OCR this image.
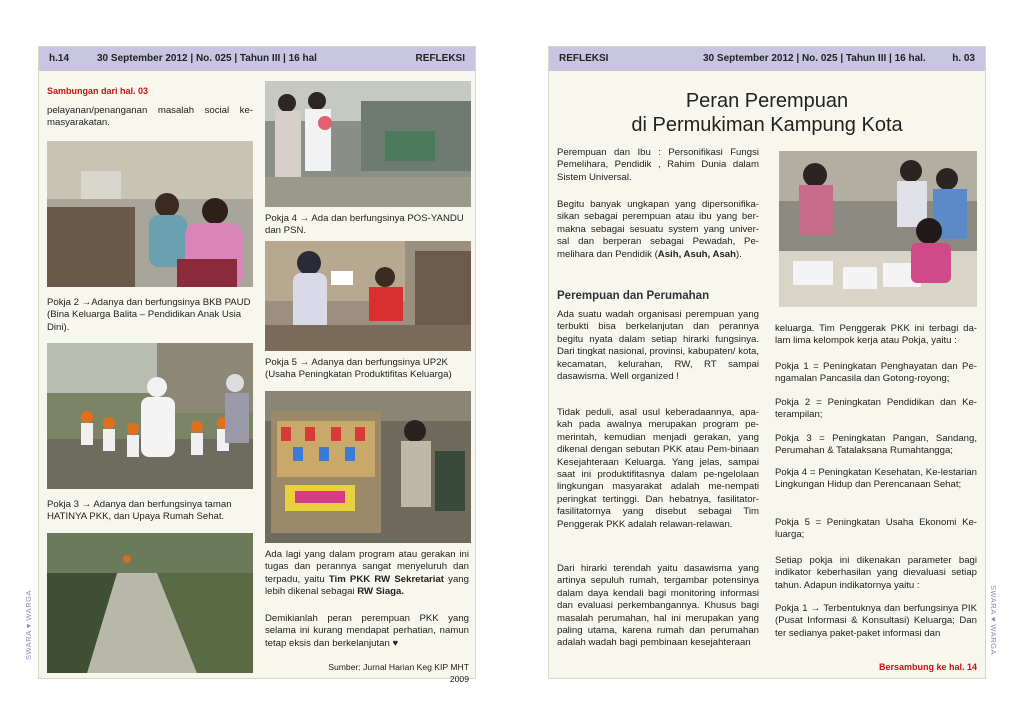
h.14	30 September 2012 | No. 025 | Tahun III | 16 hal	REFLEKSI
Sambungan dari hal. 03
pelayanan/penanganan masalah social ke-masyarakatan.
Pokja 2 →Adanya dan berfungsinya BKB PAUD (Bina Keluarga Balita – Pendidikan Anak Usia Dini).
Pokja 3 → Adanya dan berfungsinya taman HATINYA PKK, dan Upaya Rumah Sehat.
Pokja 4 → Ada dan berfungsinya POS-YANDU dan PSN.
Pokja 5 → Adanya dan berfungsinya UP2K (Usaha Peningkatan Produktifitas Keluarga)
Ada lagi yang dalam program atau gerakan ini tugas dan perannya sangat menyeluruh dan terpadu, yaitu Tim PKK RW Sekretariat yang lebih dikenal sebagai RW Siaga.
Demikianlah peran perempuan PKK yang selama ini kurang mendapat perhatian, namun tetap eksis dan berkelanjutan ♥
Sumber: Jurnal Harian Keg KIP MHT 2009
SWARA ♥ WARGA
REFLEKSI	30 September 2012 | No. 025 | Tahun III | 16 hal.	h. 03
Peran Perempuan
di Permukiman Kampung Kota
Perempuan dan Ibu : Personifikasi Fungsi Pemelihara, Pendidik , Rahim Dunia dalam Sistem Universal.
Begitu banyak ungkapan yang dipersonifika-sikan sebagai perempuan atau ibu yang ber-makna sebagai sesuatu system yang univer-sal dan berperan sebagai Pewadah, Pe-melihara dan Pendidik (Asih, Asuh, Asah).
Perempuan dan Perumahan
Ada suatu wadah organisasi perempuan yang terbukti bisa berkelanjutan dan perannya begitu nyata dalam setiap hirarki fungsinya. Dari tingkat nasional, provinsi, kabupaten/ kota, kecamatan, kelurahan, RW, RT sampai dasawisma. Well organized !
Tidak peduli, asal usul keberadaannya, apa-kah pada awalnya merupakan program pe-merintah, kemudian menjadi gerakan, yang dikenal dengan sebutan PKK atau Pem-binaan Kesejahteraan Keluarga. Yang jelas, sampai saat ini produktifitasnya dalam pe-ngelolaan lingkungan masyarakat adalah me-nempati peringkat tertinggi. Dan hebatnya, fasilitator-fasilitatornya yang disebut sebagai Tim Penggerak PKK adalah relawan-relawan.
Dari hirarki terendah yaitu dasawisma yang artinya sepuluh rumah, tergambar potensinya dalam daya kendali bagi monitoring informasi dan evaluasi perkembangannya. Khusus bagi masalah perumahan, hal ini merupakan yang paling utama, karena rumah dan perumahan adalah wadah bagi pembinaan kesejahteraan
keluarga. Tim Penggerak PKK ini terbagi da-lam lima kelompok kerja atau Pokja, yaitu :
Pokja 1 = Peningkatan Penghayatan dan Pe-ngamalan Pancasila dan Gotong-royong;
Pokja 2 = Peningkatan Pendidikan dan Ke-terampilan;
Pokja 3 = Peningkatan Pangan, Sandang, Perumahan & Tatalaksana Rumahtangga;
Pokja 4 = Peningkatan Kesehatan, Ke-lestarian Lingkungan Hidup dan Perencanaan Sehat;
Pokja 5 = Peningkatan Usaha Ekonomi Ke-luarga;
Setiap pokja ini dikenakan parameter bagi indikator keberhasilan yang dievaluasi setiap tahun. Adapun indikatornya yaitu :
Pokja 1 → Terbentuknya dan berfungsinya PIK (Pusat Informasi & Konsultasi) Keluarga; Dan ter sedianya paket-paket informasi dan
Bersambung ke hal. 14
SWARA ♥ WARGA
